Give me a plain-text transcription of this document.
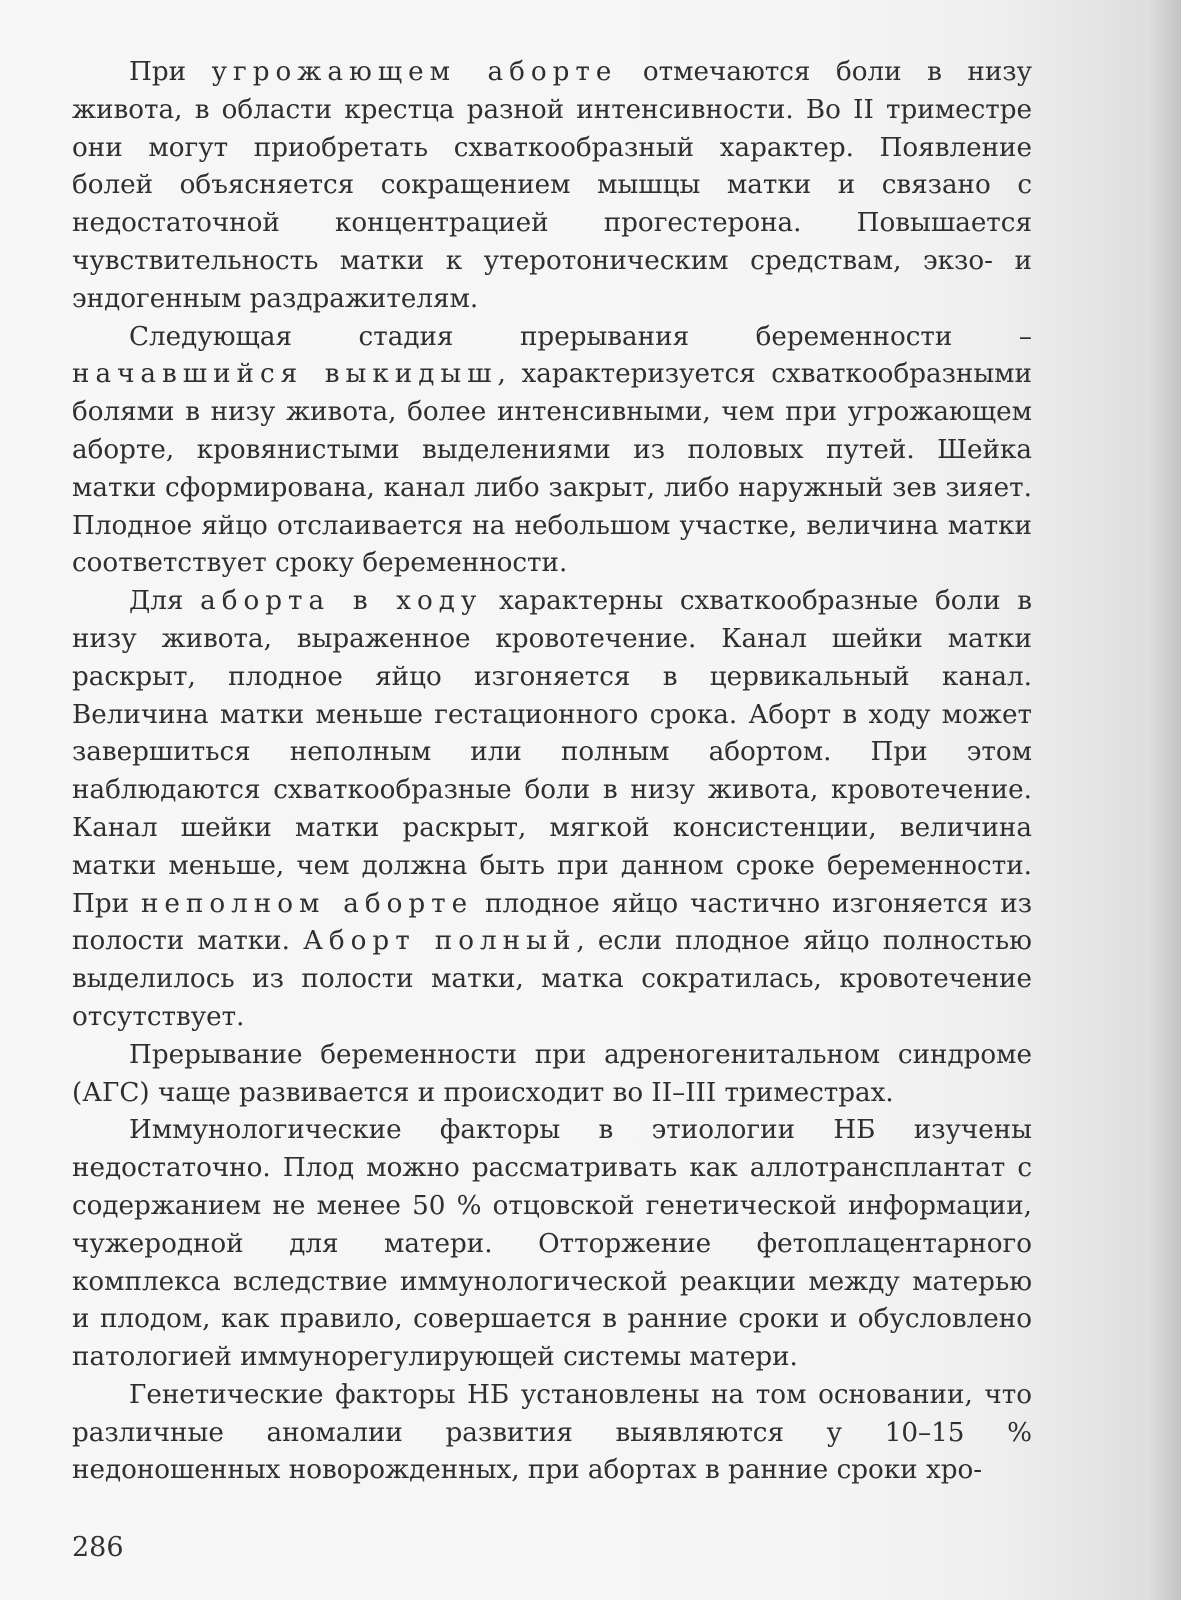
При угрожающем аборте отмечаются боли в низу живота, в области крестца разной интенсивности. Во II триместре они могут приобретать схваткообразный характер. Появление болей объясняется сокращением мышцы матки и связано с недостаточной концентрацией прогестерона. Повышается чувствительность матки к утеротоническим средствам, экзо- и эндогенным раздражителям.

Следующая стадия прерывания беременности – начавшийся выкидыш, характеризуется схваткообразными болями в низу живота, более интенсивными, чем при угрожающем аборте, кровянистыми выделениями из половых путей. Шейка матки сформирована, канал либо закрыт, либо наружный зев зияет. Плодное яйцо отслаивается на небольшом участке, величина матки соответствует сроку беременности.

Для аборта в ходу характерны схваткообразные боли в низу живота, выраженное кровотечение. Канал шейки матки раскрыт, плодное яйцо изгоняется в цервикальный канал. Величина матки меньше гестационного срока. Аборт в ходу может завершиться неполным или полным абортом. При этом наблюдаются схваткообразные боли в низу живота, кровотечение. Канал шейки матки раскрыт, мягкой консистенции, величина матки меньше, чем должна быть при данном сроке беременности. При неполном аборте плодное яйцо частично изгоняется из полости матки. Аборт полный, если плодное яйцо полностью выделилось из полости матки, матка сократилась, кровотечение отсутствует.

Прерывание беременности при адреногенитальном синдроме (АГС) чаще развивается и происходит во II–III триместрах.

Иммунологические факторы в этиологии НБ изучены недостаточно. Плод можно рассматривать как аллотрансплантат с содержанием не менее 50 % отцовской генетической информации, чужеродной для матери. Отторжение фетоплацентарного комплекса вследствие иммунологической реакции между матерью и плодом, как правило, совершается в ранние сроки и обусловлено патологией иммунорегулирующей системы матери.

Генетические факторы НБ установлены на том основании, что различные аномалии развития выявляются у 10–15 % недоношенных новорожденных, при абортах в ранние сроки хро-

286
